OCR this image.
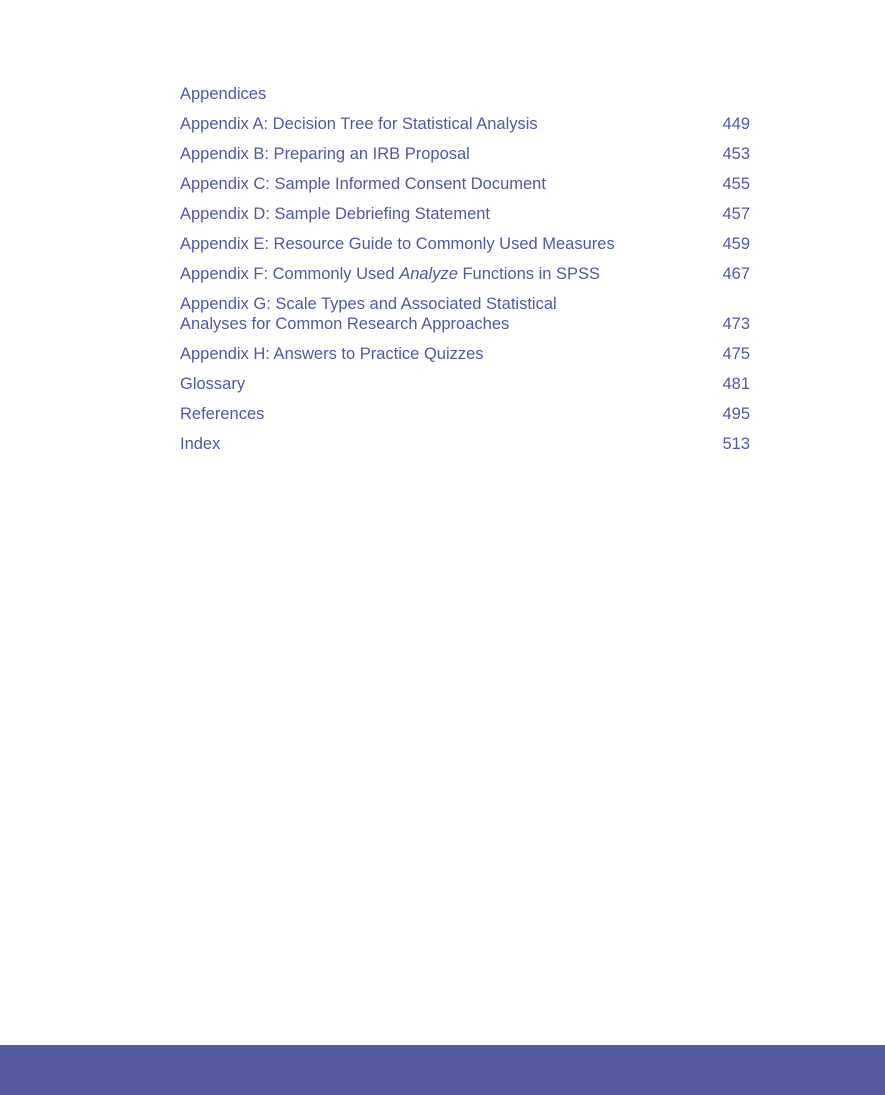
Appendices
Appendix A: Decision Tree for Statistical Analysis	449
Appendix B: Preparing an IRB Proposal	453
Appendix C: Sample Informed Consent Document	455
Appendix D: Sample Debriefing Statement	457
Appendix E: Resource Guide to Commonly Used Measures	459
Appendix F: Commonly Used Analyze Functions in SPSS	467
Appendix G: Scale Types and Associated Statistical
Analyses for Common Research Approaches	473
Appendix H: Answers to Practice Quizzes	475
Glossary	481
References	495
Index	513
